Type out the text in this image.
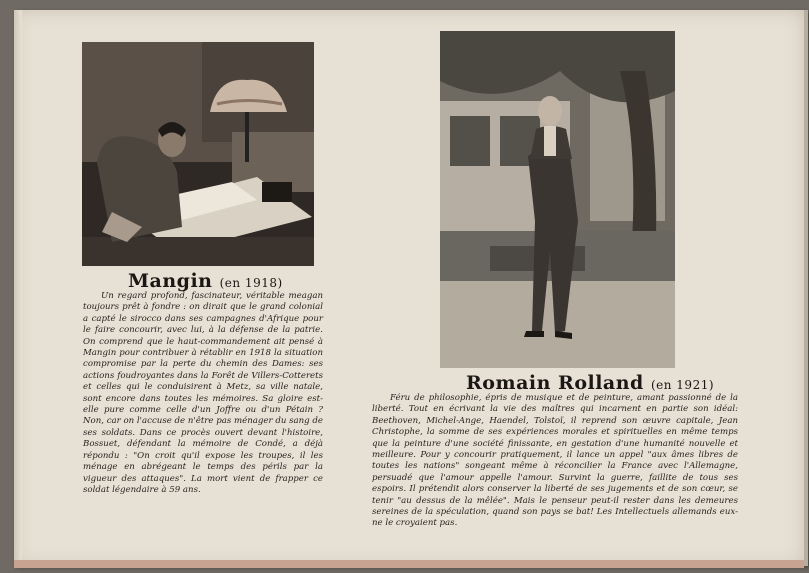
Mangin (en 1918)

Un regard profond, fascinateur, véritable meagan toujours prêt à fondre : on dirait que le grand colonial a capté le sirocco dans ses campagnes d'Afrique pour le faire concourir, avec lui, à la défense de la patrie. On comprend que le haut-commandement ait pensé à Mangin pour contribuer à rétablir en 1918 la situation compromise par la perte du chemin des Dames: ses actions foudroyantes dans la Forêt de Villers-Cotterets et celles qui le conduisirent à Metz, sa ville natale, sont encore dans toutes les mémoires. Sa gloire est-elle pure comme celle d'un Joffre ou d'un Pétain ? Non, car on l'accuse de n'être pas ménager du sang de ses soldats. Dans ce procès ouvert devant l'histoire, Bossuet, défendant la mémoire de Condé, a déjà répondu : "On croit qu'il expose les troupes, il les ménage en abrégeant le temps des périls par la vigueur des attaques". La mort vient de frapper ce soldat légendaire à 59 ans.

Romain Rolland (en 1921)

Féru de philosophie, épris de musique et de peinture, amant passionné de la liberté. Tout en écrivant la vie des maîtres qui incarnent en partie son idéal: Beethoven, Michel-Ange, Haendel, Tolstoï, il reprend son œuvre capitale, Jean Christophe, la somme de ses expériences morales et spirituelles en même temps que la peinture d'une société finissante, en gestation d'une humanité nouvelle et meilleure. Pour y concourir pratiquement, il lance un appel "aux âmes libres de toutes les nations" songeant même à réconcilier la France avec l'Allemagne, persuadé que l'amour appelle l'amour. Survint la guerre, faillite de tous ses espoirs. Il prétendit alors conserver la liberté de ses jugements et de son cœur, se tenir "au dessus de la mêlée". Mais le penseur peut-il rester dans les demeures sereines de la spéculation, quand son pays se bat! Les Intellectuels allemands eux-ne le croyaient pas.
